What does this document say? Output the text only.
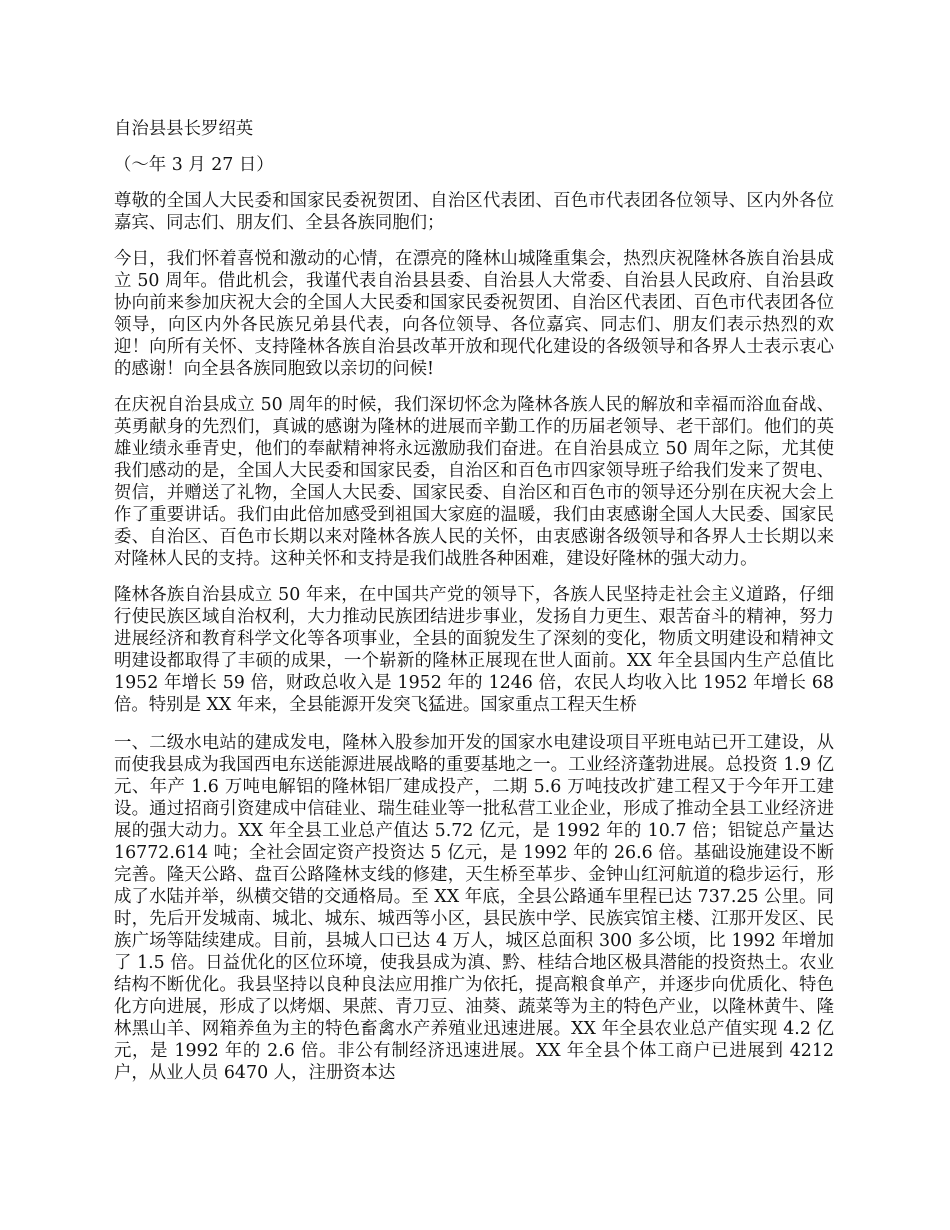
自治县县长罗绍英

（～年 3 月 27 日）

尊敬的全国人大民委和国家民委祝贺团、自治区代表团、百色市代表团各位领导、区内外各位嘉宾、同志们、朋友们、全县各族同胞们；

今日，我们怀着喜悦和激动的心情，在漂亮的隆林山城隆重集会，热烈庆祝隆林各族自治县成立 50 周年。借此机会，我谨代表自治县县委、自治县人大常委、自治县人民政府、自治县政协向前来参加庆祝大会的全国人大民委和国家民委祝贺团、自治区代表团、百色市代表团各位领导，向区内外各民族兄弟县代表，向各位领导、各位嘉宾、同志们、朋友们表示热烈的欢迎！向所有关怀、支持隆林各族自治县改革开放和现代化建设的各级领导和各界人士表示衷心的感谢！向全县各族同胞致以亲切的问候!

在庆祝自治县成立 50 周年的时候，我们深切怀念为隆林各族人民的解放和幸福而浴血奋战、英勇献身的先烈们，真诚的感谢为隆林的进展而辛勤工作的历届老领导、老干部们。他们的英雄业绩永垂青史，他们的奉献精神将永远激励我们奋进。在自治县成立 50 周年之际，尤其使我们感动的是，全国人大民委和国家民委，自治区和百色市四家领导班子给我们发来了贺电、贺信，并赠送了礼物，全国人大民委、国家民委、自治区和百色市的领导还分别在庆祝大会上作了重要讲话。我们由此倍加感受到祖国大家庭的温暖，我们由衷感谢全国人大民委、国家民委、自治区、百色市长期以来对隆林各族人民的关怀，由衷感谢各级领导和各界人士长期以来对隆林人民的支持。这种关怀和支持是我们战胜各种困难，建设好隆林的强大动力。

隆林各族自治县成立 50 年来，在中国共产党的领导下，各族人民坚持走社会主义道路，仔细行使民族区域自治权利，大力推动民族团结进步事业，发扬自力更生、艰苦奋斗的精神，努力进展经济和教育科学文化等各项事业，全县的面貌发生了深刻的变化，物质文明建设和精神文明建设都取得了丰硕的成果，一个崭新的隆林正展现在世人面前。XX 年全县国内生产总值比 1952 年增长 59 倍，财政总收入是 1952 年的 1246 倍，农民人均收入比 1952 年增长 68 倍。特别是 XX 年来，全县能源开发突飞猛进。国家重点工程天生桥

一、二级水电站的建成发电，隆林入股参加开发的国家水电建设项目平班电站已开工建设，从而使我县成为我国西电东送能源进展战略的重要基地之一。工业经济蓬勃进展。总投资 1.9 亿元、年产 1.6 万吨电解铝的隆林铝厂建成投产，二期 5.6 万吨技改扩建工程又于今年开工建设。通过招商引资建成中信硅业、瑞生硅业等一批私营工业企业，形成了推动全县工业经济进展的强大动力。XX 年全县工业总产值达 5.72 亿元，是 1992 年的 10.7 倍；铝锭总产量达 16772.614 吨；全社会固定资产投资达 5 亿元，是 1992 年的 26.6 倍。基础设施建设不断完善。隆天公路、盘百公路隆林支线的修建，天生桥至革步、金钟山红河航道的稳步运行，形成了水陆并举，纵横交错的交通格局。至 XX 年底，全县公路通车里程已达 737.25 公里。同时，先后开发城南、城北、城东、城西等小区，县民族中学、民族宾馆主楼、江那开发区、民族广场等陆续建成。目前，县城人口已达 4 万人，城区总面积 300 多公顷，比 1992 年增加了 1.5 倍。日益优化的区位环境，使我县成为滇、黔、桂结合地区极具潜能的投资热土。农业结构不断优化。我县坚持以良种良法应用推广为依托，提高粮食单产，并逐步向优质化、特色化方向进展，形成了以烤烟、果蔗、青刀豆、油葵、蔬菜等为主的特色产业，以隆林黄牛、隆林黑山羊、网箱养鱼为主的特色畜禽水产养殖业迅速进展。XX 年全县农业总产值实现 4.2 亿元，是 1992 年的 2.6 倍。非公有制经济迅速进展。XX 年全县个体工商户已进展到 4212 户，从业人员 6470 人，注册资本达
